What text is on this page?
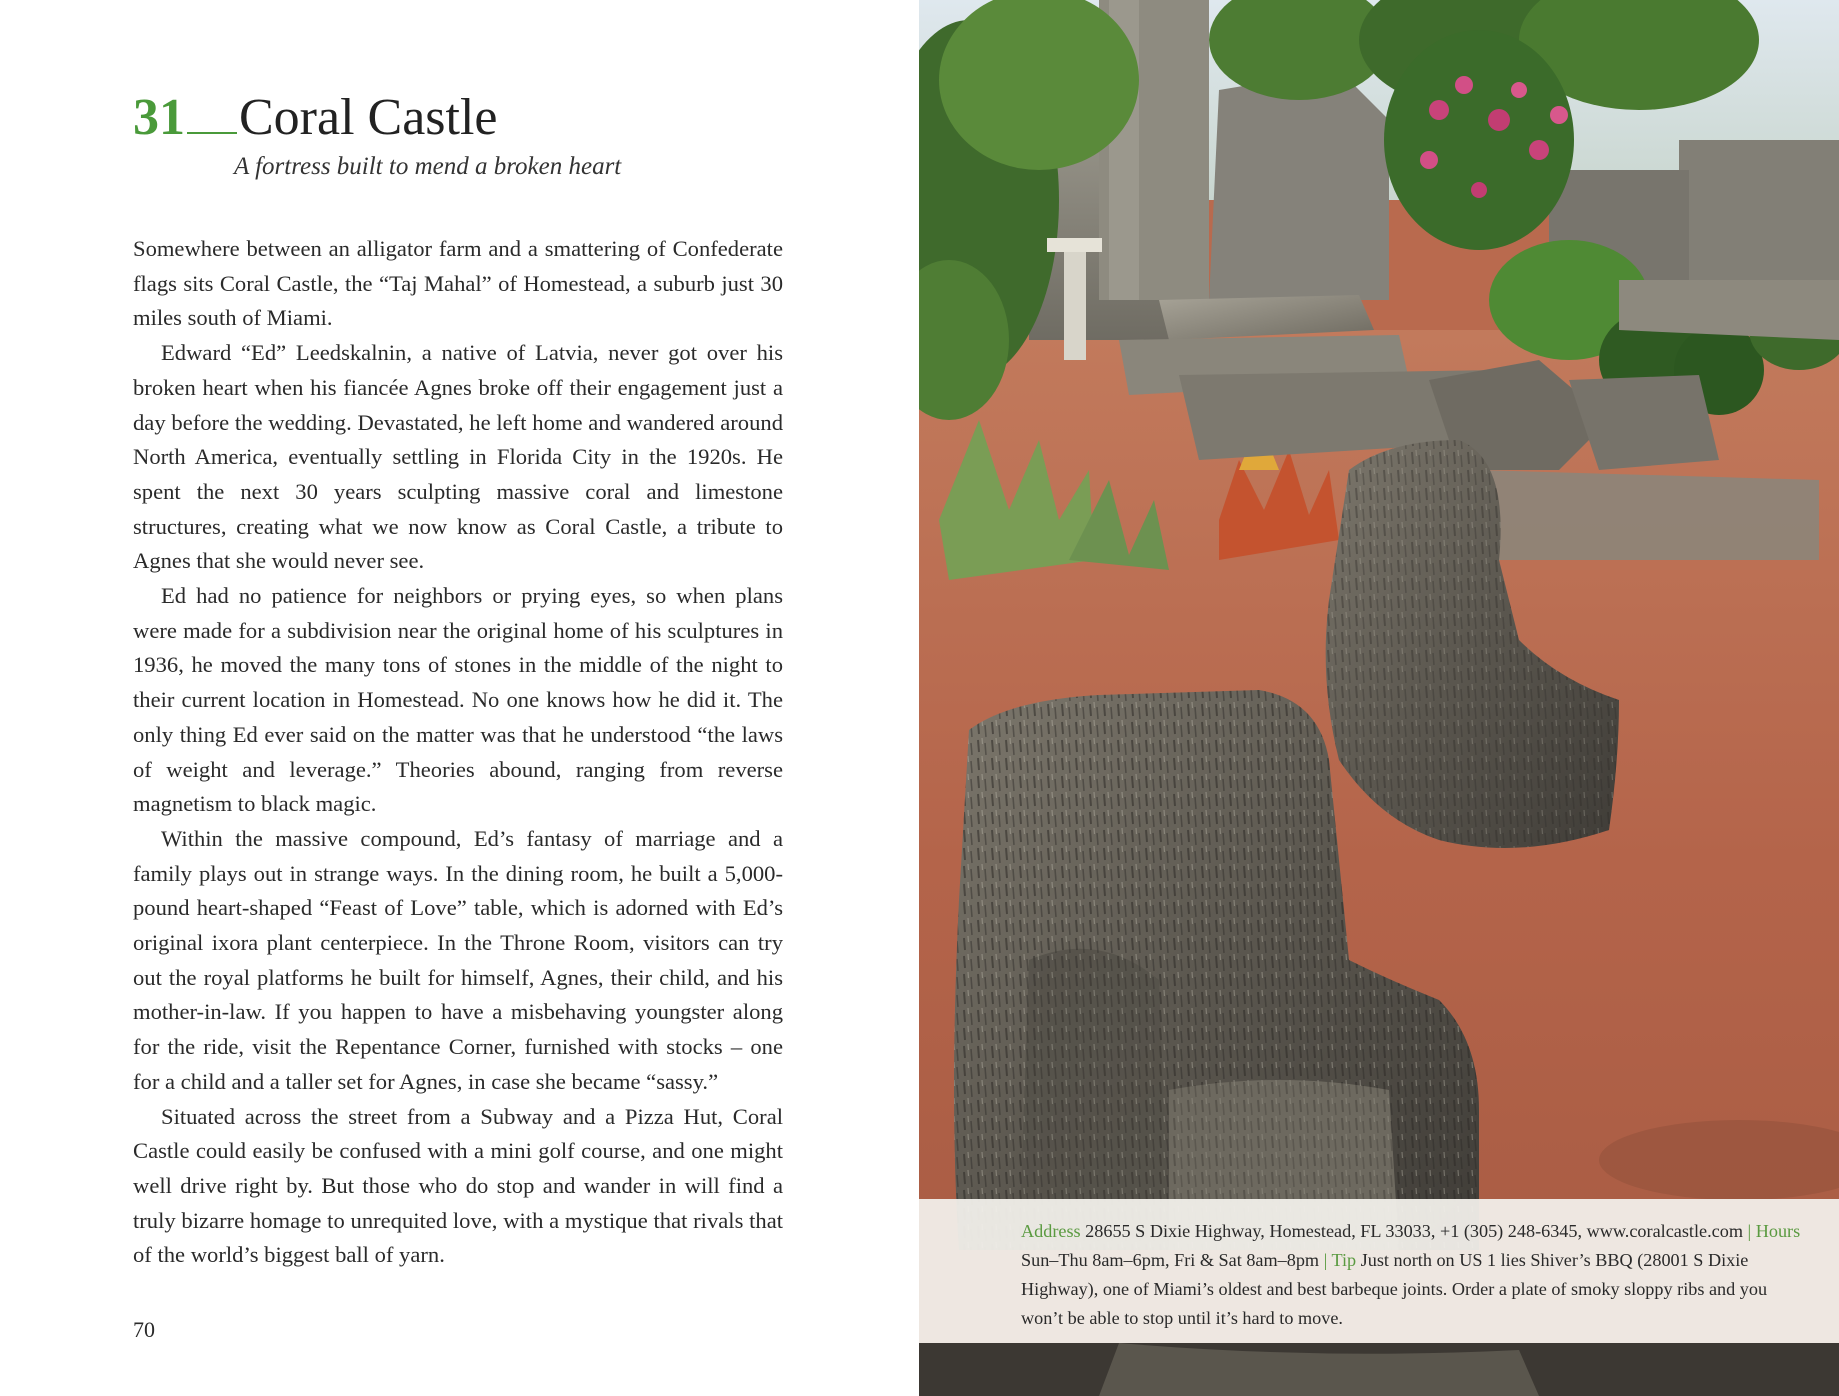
31 Coral Castle
A fortress built to mend a broken heart

Somewhere between an alligator farm and a smattering of Confederate flags sits Coral Castle, the “Taj Mahal” of Homestead, a suburb just 30 miles south of Miami.

Edward “Ed” Leedskalnin, a native of Latvia, never got over his broken heart when his fiancée Agnes broke off their engagement just a day before the wedding. Devastated, he left home and wandered around North America, eventually settling in Florida City in the 1920s. He spent the next 30 years sculpting massive coral and limestone structures, creating what we now know as Coral Castle, a tribute to Agnes that she would never see.

Ed had no patience for neighbors or prying eyes, so when plans were made for a subdivision near the original home of his sculptures in 1936, he moved the many tons of stones in the middle of the night to their current location in Homestead. No one knows how he did it. The only thing Ed ever said on the matter was that he understood “the laws of weight and leverage.” Theories abound, ranging from reverse magnetism to black magic.

Within the massive compound, Ed’s fantasy of marriage and a family plays out in strange ways. In the dining room, he built a 5,000-pound heart-shaped “Feast of Love” table, which is adorned with Ed’s original ixora plant centerpiece. In the Throne Room, visitors can try out the royal platforms he built for himself, Agnes, their child, and his mother-in-law. If you happen to have a misbehaving youngster along for the ride, visit the Repentance Corner, furnished with stocks – one for a child and a taller set for Agnes, in case she became “sassy.”

Situated across the street from a Subway and a Pizza Hut, Coral Castle could easily be confused with a mini golf course, and one might well drive right by. But those who do stop and wander in will find a truly bizarre homage to unrequited love, with a mystique that rivals that of the world’s biggest ball of yarn.

70
Address 28655 S Dixie Highway, Homestead, FL 33033, +1 (305) 248-6345, www.coralcastle.com | Hours Sun–Thu 8am–6pm, Fri & Sat 8am–8pm | Tip Just north on US 1 lies Shiver’s BBQ (28001 S Dixie Highway), one of Miami’s oldest and best barbeque joints. Order a plate of smoky sloppy ribs and you won’t be able to stop until it’s hard to move.
